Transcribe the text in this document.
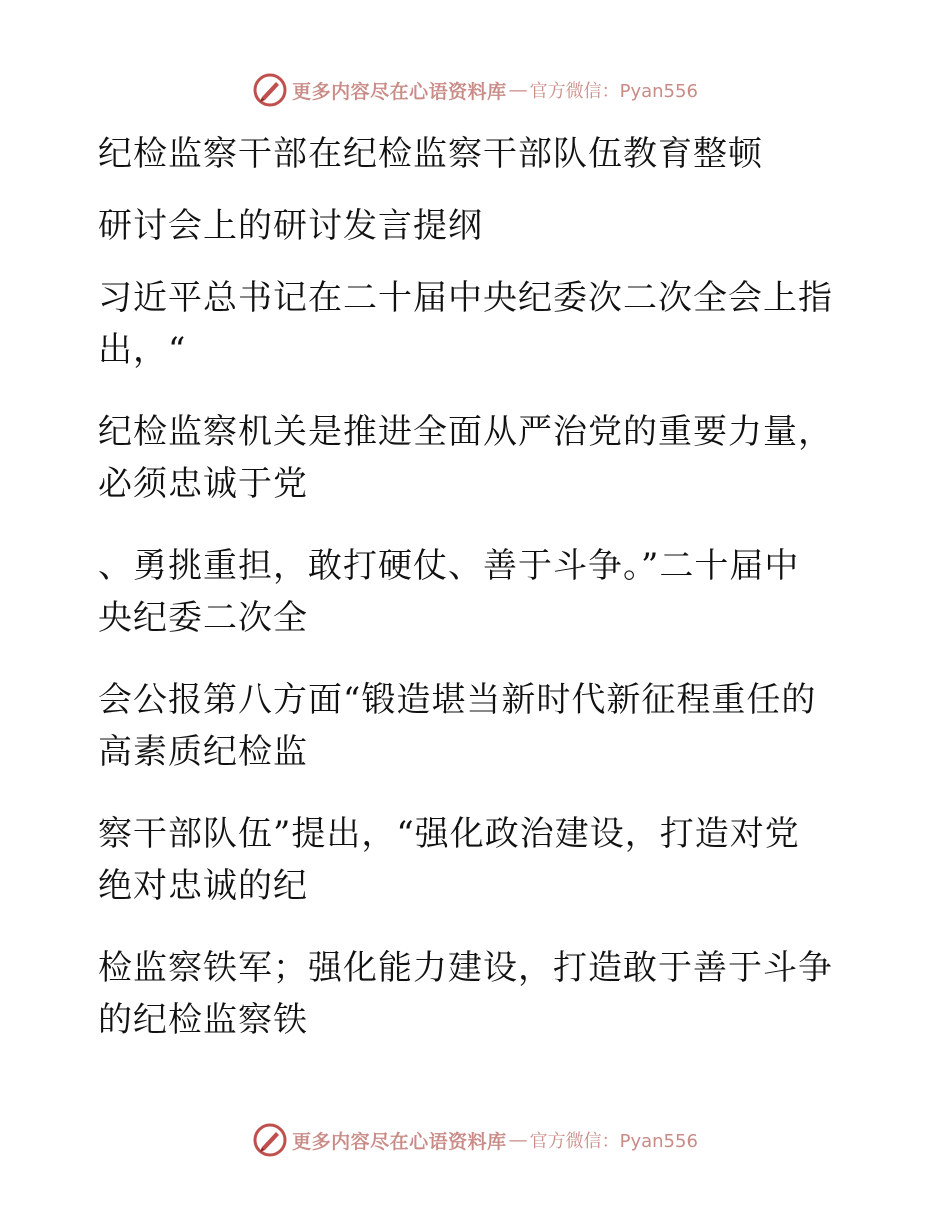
更多内容尽在心语资料库 — 官方微信：Pyan556
纪检监察干部在纪检监察干部队伍教育整顿
研讨会上的研讨发言提纲
习近平总书记在二十届中央纪委次二次全会上指
出，“
纪检监察机关是推进全面从严治党的重要力量，
必须忠诚于党
、勇挑重担，敢打硬仗、善于斗争。”二十届中
央纪委二次全
会公报第八方面“锻造堪当新时代新征程重任的
高素质纪检监
察干部队伍”提出，“强化政治建设，打造对党
绝对忠诚的纪
检监察铁军；强化能力建设，打造敢于善于斗争
的纪检监察铁
更多内容尽在心语资料库 — 官方微信：Pyan556
